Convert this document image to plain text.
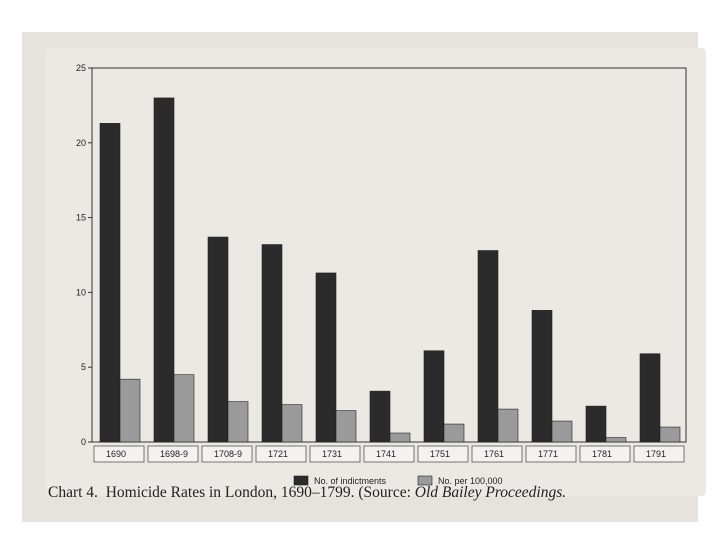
0
5
10
15
20
25
1690	1698-9	1708-9	1721	1731	1741	1751	1761	1771	1781	1791
No. of indictments	No. per 100,000
Chart 4. Homicide Rates in London, 1690–1799. (Source: Old Bailey Proceedings.
